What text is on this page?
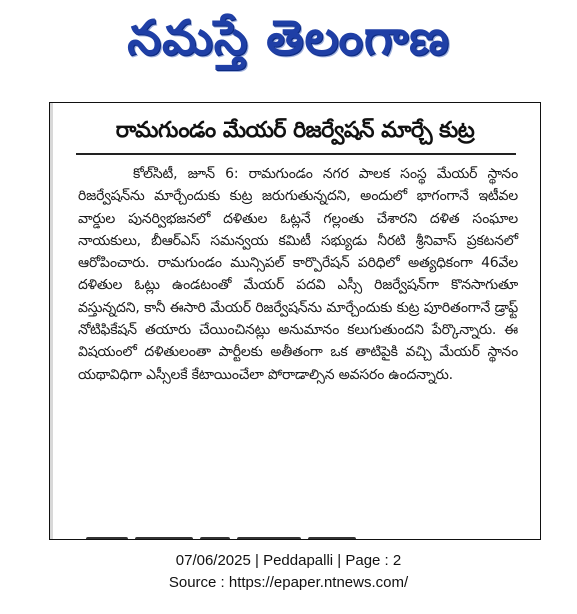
నమస్తే తెలంగాణ
రామగుండం మేయర్ రిజర్వేషన్ మార్చే కుట్ర

కోల్‌సిటీ, జూన్ 6: రామగుండం నగర పాలక సంస్థ మేయర్ స్థానం రిజర్వేషన్‌ను మార్చేందుకు కుట్ర జరుగుతున్నదని, అందులో భాగంగానే ఇటీవల వార్డుల పునర్విభజనలో దళితుల ఓట్లనే గల్లంతు చేశారని దళిత సంఘాల నాయకులు, బీఆర్‌ఎస్ సమన్వయ కమిటీ సభ్యుడు నీరటి శ్రీనివాస్ ప్రకటనలో ఆరోపించారు. రామగుండం మున్సిపల్ కార్పొరేషన్ పరిధిలో అత్యధికంగా 46వేల దళితుల ఓట్లు ఉండటంతో మేయర్ పదవి ఎస్సీ రిజర్వేషన్‌గా కొనసాగుతూ వస్తున్నదని, కానీ ఈసారి మేయర్ రిజర్వేషన్‌ను మార్చేందుకు కుట్ర పూరితంగానే డ్రాఫ్ట్ నోటిఫికేషన్ తయారు చేయించినట్లు అనుమానం కలుగుతుందని పేర్కొన్నారు. ఈ విషయంలో దళితులంతా పార్టీలకు అతీతంగా ఒక తాటిపైకి వచ్చి మేయర్ స్థానం యథావిధిగా ఎస్సీలకే కేటాయించేలా పోరాడాల్సిన అవసరం ఉందన్నారు.

07/06/2025 | Peddapalli | Page : 2
Source : https://epaper.ntnews.com/
